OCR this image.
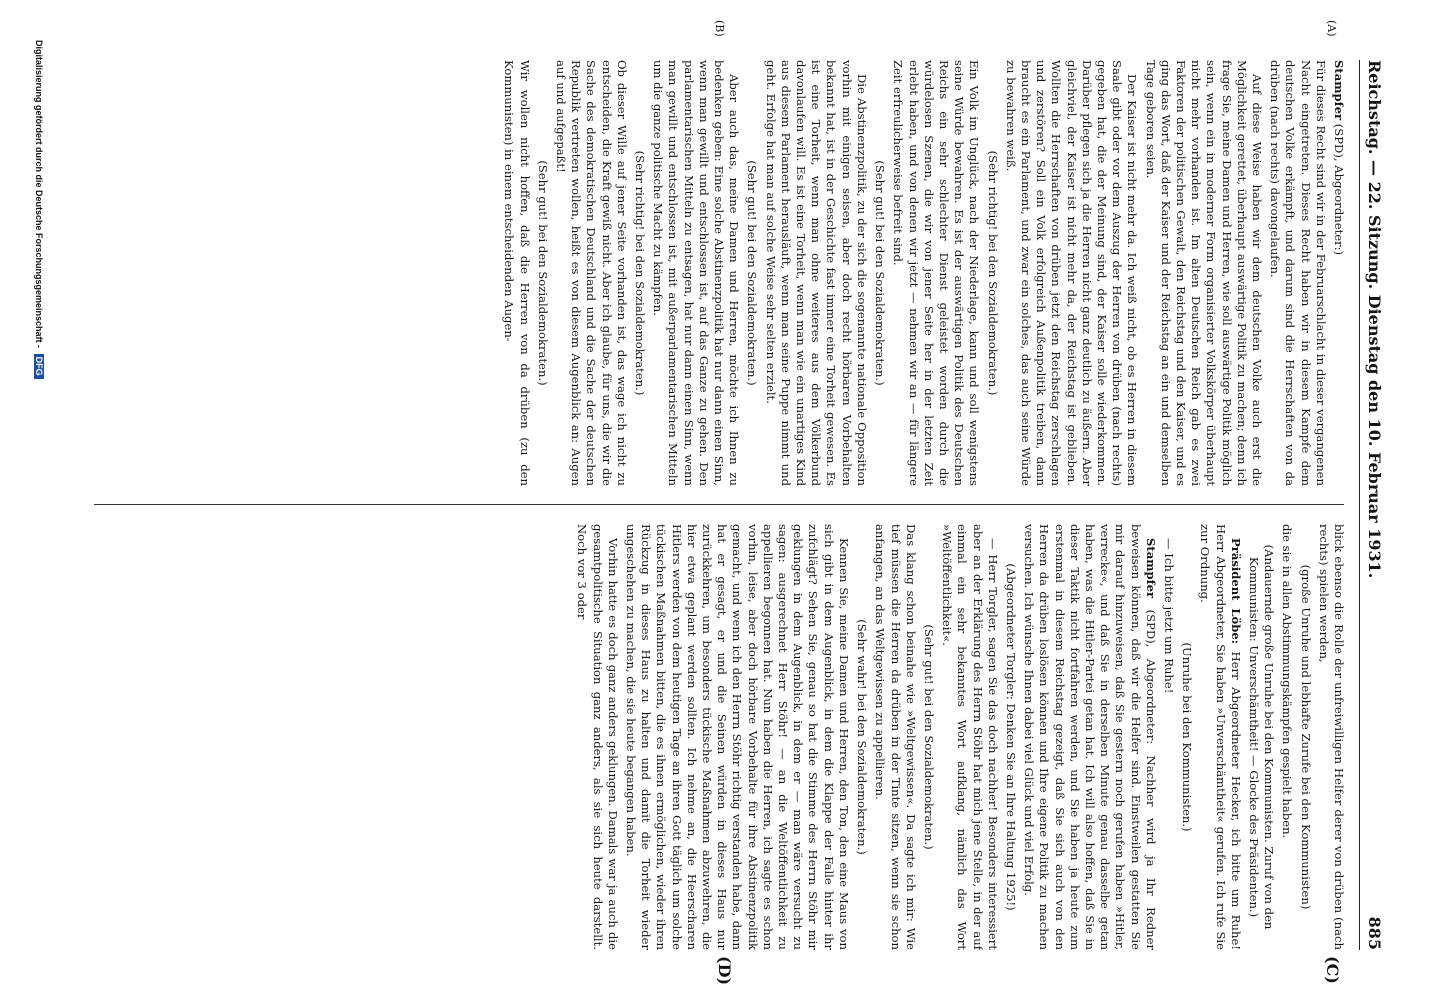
Reichstag. — 22. Sitzung. Dienstag den 10. Februar 1931.
885
(A)
(B)
(C)
(D)

Stampfer (SPD), Abgeordneter:)

Für dieses Recht sind wir in der Februarschlacht in dieser vergangenen Nacht eingetreten. Dieses Recht haben wir in diesem Kampfe dem deutschen Volke erkämpft, und darum sind die Herrschaften von da drüben (nach rechts) davongelaufen.

Auf diese Weise haben wir dem deutschen Volke auch erst die Möglichkeit gerettet, überhaupt auswärtige Politik zu machen; denn ich frage Sie, meine Damen und Herren, wie soll auswärtige Politik möglich sein, wenn ein in moderner Form organisierter Volkskörper überhaupt nicht mehr vorhanden ist. Im alten Deutschen Reich gab es zwei Faktoren der politischen Gewalt, den Reichstag und den Kaiser, und es ging das Wort, daß der Kaiser und der Reichstag an ein und demselben Tage geboren seien.

Der Kaiser ist nicht mehr da. Ich weiß nicht, ob es Herren in diesem Saale gibt oder vor dem Auszug der Herren von drüben (nach rechts) gegeben hat, die der Meinung sind, der Kaiser solle wiederkommen. Darüber pflegen sich ja die Herren nicht ganz deutlich zu äußern. Aber gleichviel, der Kaiser ist nicht mehr da, der Reichstag ist geblieben. Wollten die Herrschaften von drüben jetzt den Reichstag zerschlagen und zerstören? Soll ein Volk erfolgreich Außenpolitik treiben, dann braucht es ein Parlament, und zwar ein solches, das auch seine Würde zu bewahren weiß.

(Sehr richtig! bei den Sozialdemokraten.)

Ein Volk im Unglück, nach der Niederlage, kann und soll wenigstens seine Würde bewahren. Es ist der auswärtigen Politik des Deutschen Reichs ein sehr schlechter Dienst geleistet worden durch die würdelosen Szenen, die wir von jener Seite her in der letzten Zeit erlebt haben, und von denen wir jetzt — nehmen wir an — für längere Zeit erfreulicherweise befreit sind.

(Sehr gut! bei den Sozialdemokraten.)

Die Abstinenzpolitik, zu der sich die sogenannte nationale Opposition vorhin mit einigen seisen, aber doch recht hörbaren Vorbehalten bekannt hat, ist in der Geschichte fast immer eine Torheit gewesen. Es ist eine Torheit, wenn man ohne weiteres aus dem Völkerbund davonlaufen will. Es ist eine Torheit, wenn man wie ein unartiges Kind aus diesem Parlament herausläuft, wenn man seine Puppe nimmt und geht. Erfolge hat man auf solche Weise sehr selten erzielt.

(Sehr gut! bei den Sozialdemokraten.)

Aber auch das, meine Damen und Herren, möchte ich Ihnen zu bedenken geben: Eine solche Abstinenzpolitik hat nur dann einen Sinn, wenn man gewillt und entschlossen ist, auf das Ganze zu gehen. Den parlamentarischen Mitteln zu entsagen, hat nur dann einen Sinn, wenn man gewillt und entschlossen ist, mit außerparlamentarischen Mitteln um die ganze politische Macht zu kämpfen.

(Sehr richtig! bei den Sozialdemokraten.)

Ob dieser Wille auf jener Seite vorhanden ist, das wage ich nicht zu entscheiden, die Kraft gewiß nicht. Aber ich glaube, für uns, die wir die Sache des demokratischen Deutschland und die Sache der deutschen Republik vertreten wollen, heißt es von diesem Augenblick an: Augen auf und aufgepaßt!

(Sehr gut! bei den Sozialdemokraten.)

Wir wollen nicht hoffen, daß die Herren von da drüben (zu den Kommunisten) in einem entscheidenden Augen-

blick ebenso die Rolle der unfreiwilligen Helfer derer von drüben (nach rechts) spielen werden,

(große Unruhe und lebhafte Zurufe bei den Kommunisten)

die sie in allen Abstimmungskämpfen gespielt haben.

(Andauernde große Unruhe bei den Kommunisten. Zuruf von den Kommunisten: Unverschämtheit! — Glocke des Präsidenten.)

Präsident Löbe: Herr Abgeordneter Hecker, ich bitte um Ruhe! Herr Abgeordneter, Sie haben »Unverschämtheit« gerufen. Ich rufe Sie zur Ordnung.

(Unruhe bei den Kommunisten.)

— Ich bitte jetzt um Ruhe!

Stampfer (SPD), Abgeordneter: Nachher wird ja Ihr Redner beweisen können, daß wir die Helfer sind. Einstweilen gestatten Sie mir darauf hinzuweisen, daß Sie gestern noch gerufen haben »Hitler, verrecke«, und daß Sie in derselben Minute genau dasselbe getan haben, was die Hitler-Partei getan hat. Ich will also hoffen, daß Sie in dieser Taktik nicht fortfahren werden, und Sie haben ja heute zum erstenmal in diesem Reichstag gezeigt, daß Sie sich auch von den Herren da drüben loslösen können und Ihre eigene Politik zu machen versuchen. Ich wünsche Ihnen dabei viel Glück und viel Erfolg.

(Abgeordneter Torgler: Denken Sie an Ihre Haltung 1925!)

— Herr Torgler, sagen Sie das doch nachher! Besonders interessiert aber an der Erklärung des Herrn Stöhr hat mich jene Stelle, in der auf einmal ein sehr bekanntes Wort aufklang, nämlich das Wort »Weltöffentlichkeit«.

(Sehr gut! bei den Sozialdemokraten.)

Das klang schon beinahe wie »Weltgewissen«. Da sagte ich mir: Wie tief müssen die Herren da drüben in der Tinte sitzen, wenn sie schon anfangen, an das Weltgewissen zu appellieren.

(Sehr wahr! bei den Sozialdemokraten.)

Kennen Sie, meine Damen und Herren, den Ton, den eine Maus von sich gibt in dem Augenblick, in dem die Klappe der Falle hinter ihr zufchlägt? Sehen Sie, genau so hat die Stimme des Herrn Stöhr mir geklungen in dem Augenblick, in dem er — man wäre versucht zu sagen: ausgerechnet Herr Stöhr! — an die Weltöffentlichkeit zu appellieren begonnen hat. Nun haben die Herren, ich sagte es schon vorhin, leise, aber doch hörbare Vorbehalte für ihre Abstinenzpolitik gemacht, und wenn ich den Herrn Stöhr richtig verstanden habe, dann hat er gesagt, er und die Seinen würden in dieses Haus nur zurückkehren, um besonders tückische Maßnahmen abzuwehren, die hier etwa geplant werden sollten. Ich nehme an, die Heerscharen Hitlers werden von dem heutigen Tage an ihren Gott täglich um solche tückischen Maßnahmen bitten, die es ihnen ermöglichen, wieder ihren Rückzug in dieses Haus zu halten und damit die Torheit wieder ungeschehen zu machen, die sie heute begangen haben.

Vorhin hatte es doch ganz anders geklungen. Damals war ja auch die gesamtpolitische Situation ganz anders, als sie sich heute darstellt. Noch vor 3 oder

Digitalisierung gefördert durch die Deutsche Forschungsgemeinschaft - DFG
